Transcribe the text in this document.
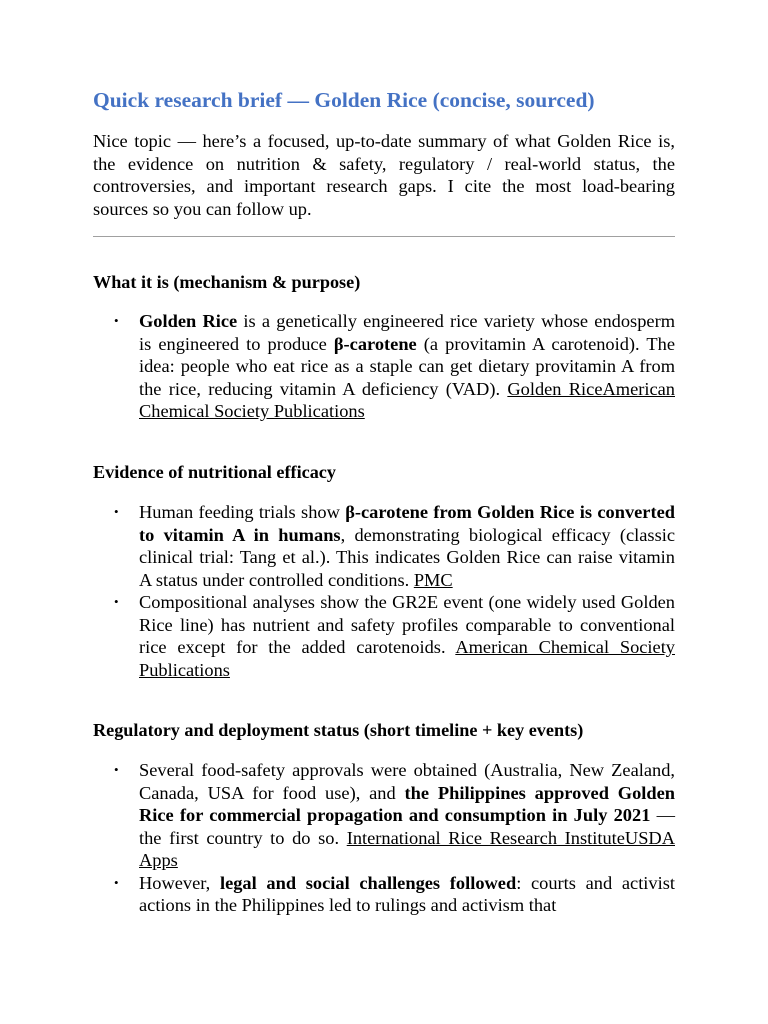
Quick research brief — Golden Rice (concise, sourced)

Nice topic — here’s a focused, up-to-date summary of what Golden Rice is, the evidence on nutrition & safety, regulatory / real-world status, the controversies, and important research gaps. I cite the most load-bearing sources so you can follow up.

What it is (mechanism & purpose)
• Golden Rice is a genetically engineered rice variety whose endosperm is engineered to produce β-carotene (a provitamin A carotenoid). The idea: people who eat rice as a staple can get dietary provitamin A from the rice, reducing vitamin A deficiency (VAD). Golden RiceAmerican Chemical Society Publications
Evidence of nutritional efficacy
• Human feeding trials show β-carotene from Golden Rice is converted to vitamin A in humans, demonstrating biological efficacy (classic clinical trial: Tang et al.). This indicates Golden Rice can raise vitamin A status under controlled conditions. PMC
• Compositional analyses show the GR2E event (one widely used Golden Rice line) has nutrient and safety profiles comparable to conventional rice except for the added carotenoids. American Chemical Society Publications
Regulatory and deployment status (short timeline + key events)
• Several food-safety approvals were obtained (Australia, New Zealand, Canada, USA for food use), and the Philippines approved Golden Rice for commercial propagation and consumption in July 2021 — the first country to do so. International Rice Research InstituteUSDA Apps
• However, legal and social challenges followed: courts and activist actions in the Philippines led to rulings and activism that
